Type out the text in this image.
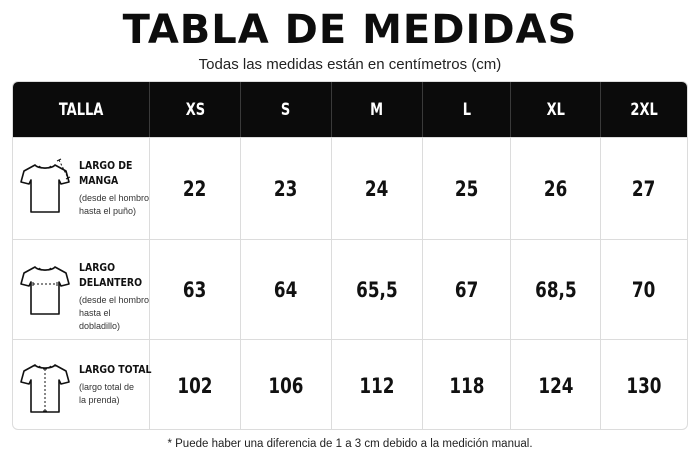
TABLA DE MEDIDAS
Todas las medidas están en centímetros (cm)
TALLA	XS	S	M	L	XL	2XL
LARGO DE
MANGA
(desde el hombro
hasta el puño)
22	23	24	25	26	27
LARGO
DELANTERO
(desde el hombro
hasta el dobladillo)
63	64	65,5	67	68,5	70
LARGO TOTAL
(largo total de
la prenda)
102	106	112	118	124	130
* Puede haber una diferencia de 1 a 3 cm debido a la medición manual.
